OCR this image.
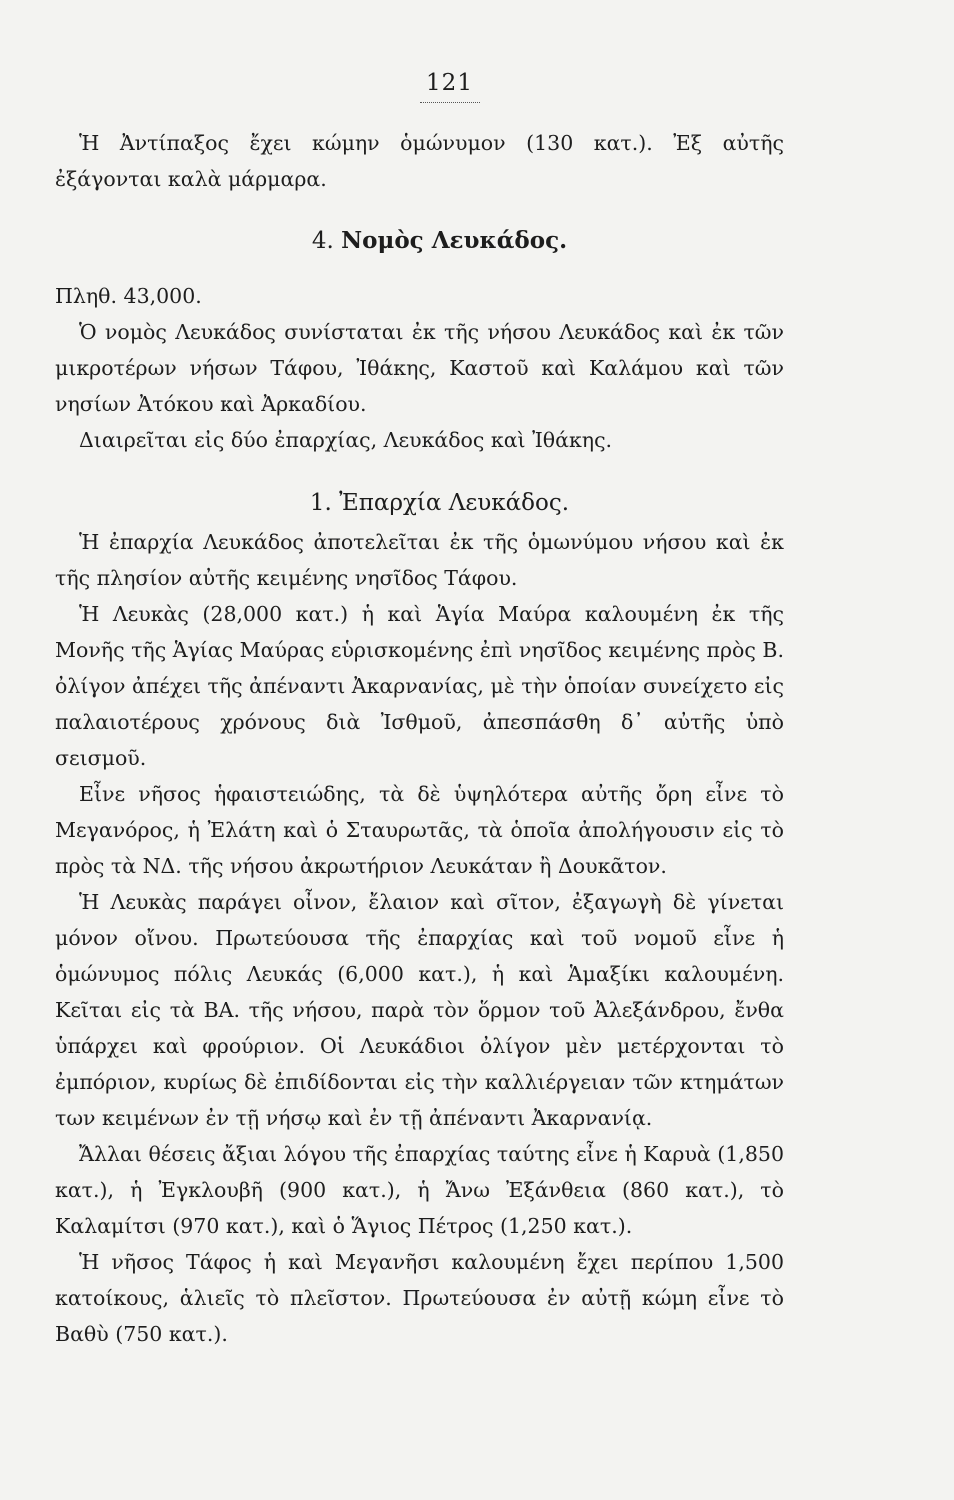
121

Ἡ Ἀντίπαξος ἔχει κώμην ὁμώνυμον (130 κατ.). Ἐξ αὐτῆς ἐξάγονται καλὰ μάρμαρα.

4. Νομὸς Λευκάδος.

Πληθ. 43,000.

Ὁ νομὸς Λευκάδος συνίσταται ἐκ τῆς νήσου Λευκάδος καὶ ἐκ τῶν μικροτέρων νήσων Τάφου, Ἰθάκης, Καστοῦ καὶ Καλάμου καὶ τῶν νησίων Ἀτόκου καὶ Ἀρκαδίου.

Διαιρεῖται εἰς δύο ἐπαρχίας, Λευκάδος καὶ Ἰθάκης.

1. Ἐπαρχία Λευκάδος.

Ἡ ἐπαρχία Λευκάδος ἀποτελεῖται ἐκ τῆς ὁμωνύμου νήσου καὶ ἐκ τῆς πλησίον αὐτῆς κειμένης νησῖδος Τάφου.

Ἡ Λευκὰς (28,000 κατ.) ἡ καὶ Ἁγία Μαύρα καλουμένη ἐκ τῆς Μονῆς τῆς Ἁγίας Μαύρας εὑρισκομένης ἐπὶ νησῖδος κειμένης πρὸς Β. ὀλίγον ἀπέχει τῆς ἀπέναντι Ἀκαρνανίας, μὲ τὴν ὁποίαν συνείχετο εἰς παλαιοτέρους χρόνους διὰ Ἰσθμοῦ, ἀπεσπάσθη δ᾽ αὐτῆς ὑπὸ σεισμοῦ.

Εἶνε νῆσος ἡφαιστειώδης, τὰ δὲ ὑψηλότερα αὐτῆς ὄρη εἶνε τὸ Μεγανόρος, ἡ Ἐλάτη καὶ ὁ Σταυρωτᾶς, τὰ ὁποῖα ἀπολήγουσιν εἰς τὸ πρὸς τὰ ΝΔ. τῆς νήσου ἀκρωτήριον Λευκάταν ἢ Δουκᾶτον.

Ἡ Λευκὰς παράγει οἶνον, ἔλαιον καὶ σῖτον, ἐξαγωγὴ δὲ γίνεται μόνον οἴνου. Πρωτεύουσα τῆς ἐπαρχίας καὶ τοῦ νομοῦ εἶνε ἡ ὁμώνυμος πόλις Λευκάς (6,000 κατ.), ἡ καὶ Ἁμαξίκι καλουμένη. Κεῖται εἰς τὰ ΒΑ. τῆς νήσου, παρὰ τὸν ὅρμον τοῦ Ἀλεξάνδρου, ἔνθα ὑπάρχει καὶ φρούριον. Οἱ Λευκάδιοι ὀλίγον μὲν μετέρχονται τὸ ἐμπόριον, κυρίως δὲ ἐπιδίδονται εἰς τὴν καλλιέργειαν τῶν κτημάτων των κειμένων ἐν τῇ νήσῳ καὶ ἐν τῇ ἀπέναντι Ἀκαρνανίᾳ.

Ἄλλαι θέσεις ἄξιαι λόγου τῆς ἐπαρχίας ταύτης εἶνε ἡ Καρυὰ (1,850 κατ.), ἡ Ἐγκλουβῆ (900 κατ.), ἡ Ἄνω Ἐξάνθεια (860 κατ.), τὸ Καλαμίτσι (970 κατ.), καὶ ὁ Ἅγιος Πέτρος (1,250 κατ.).

Ἡ νῆσος Τάφος ἡ καὶ Μεγανῆσι καλουμένη ἔχει περίπου 1,500 κατοίκους, ἁλιεῖς τὸ πλεῖστον. Πρωτεύουσα ἐν αὐτῇ κώμη εἶνε τὸ Βαθὺ (750 κατ.).
